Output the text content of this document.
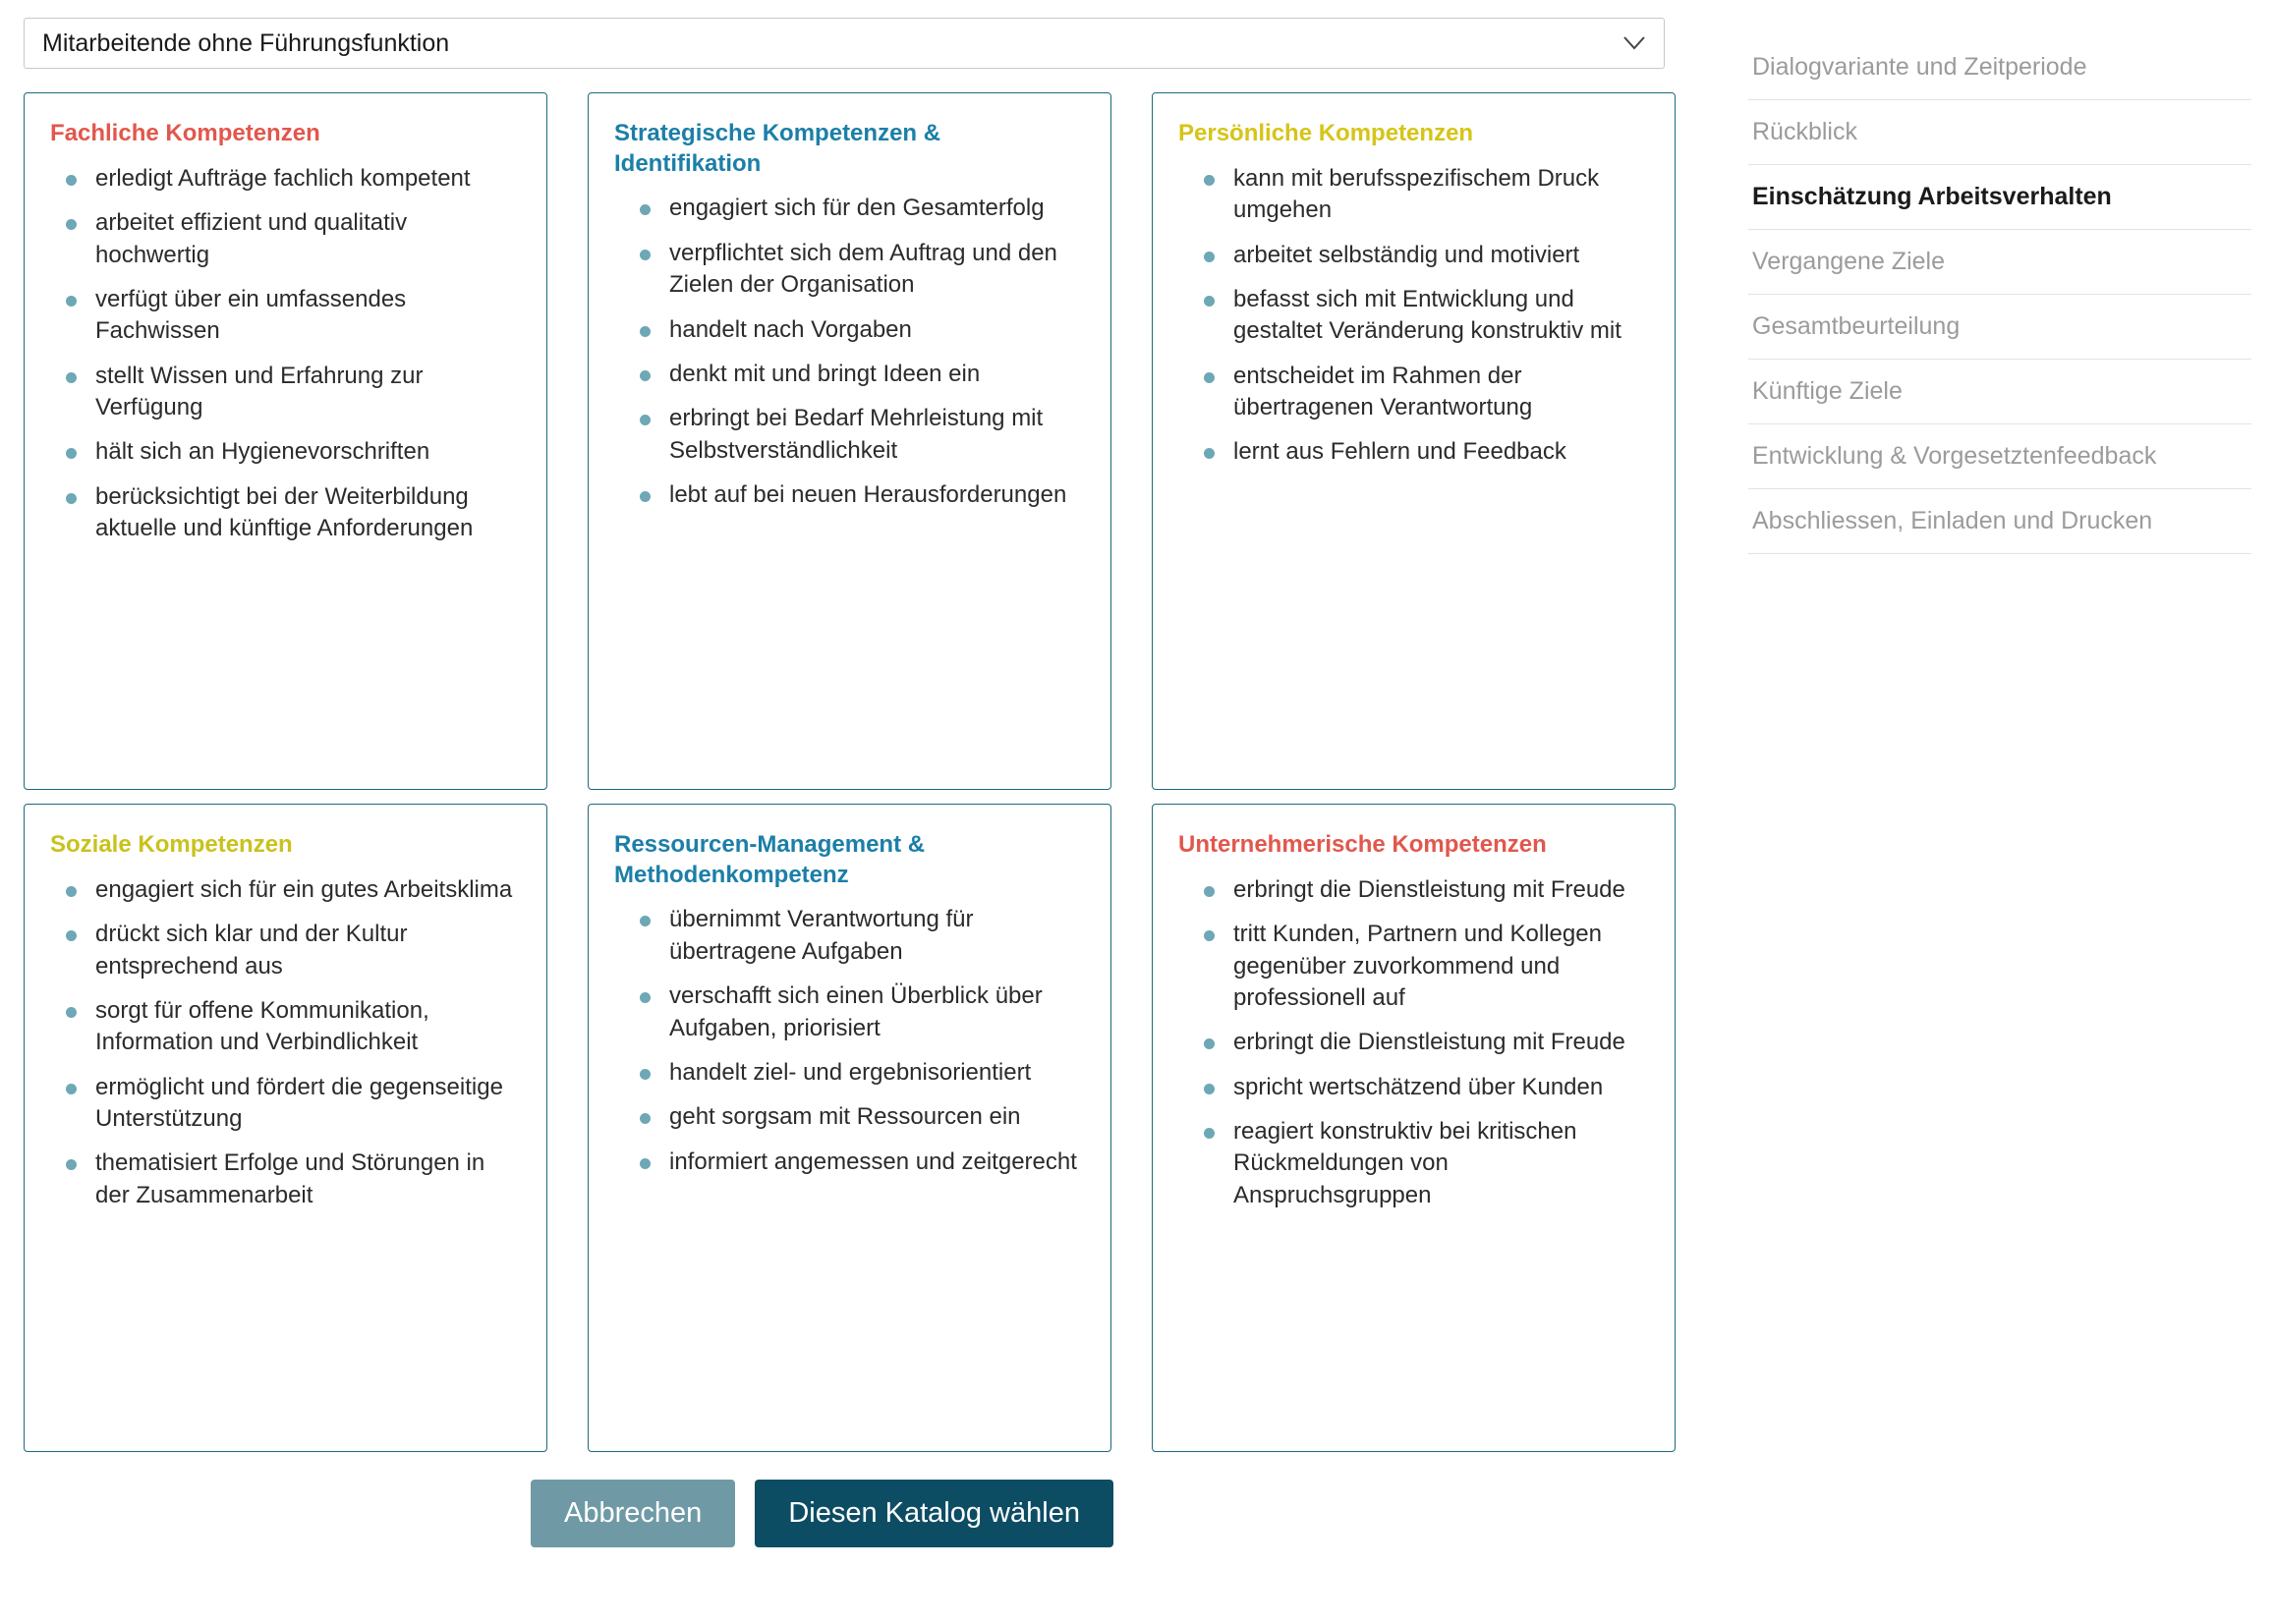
Mitarbeitende ohne Führungsfunktion
Fachliche Kompetenzen
erledigt Aufträge fachlich kompetent
arbeitet effizient und qualitativ hochwertig
verfügt über ein umfassendes Fachwissen
stellt Wissen und Erfahrung zur Verfügung
hält sich an Hygienevorschriften
berücksichtigt bei der Weiterbildung aktuelle und künftige Anforderungen
Strategische Kompetenzen & Identifikation
engagiert sich für den Gesamterfolg
verpflichtet sich dem Auftrag und den Zielen der Organisation
handelt nach Vorgaben
denkt mit und bringt Ideen ein
erbringt bei Bedarf Mehrleistung mit Selbstverständlichkeit
lebt auf bei neuen Herausforderungen
Persönliche Kompetenzen
kann mit berufsspezifischem Druck umgehen
arbeitet selbständig und motiviert
befasst sich mit Entwicklung und gestaltet Veränderung konstruktiv mit
entscheidet im Rahmen der übertragenen Verantwortung
lernt aus Fehlern und Feedback
Soziale Kompetenzen
engagiert sich für ein gutes Arbeitsklima
drückt sich klar und der Kultur entsprechend aus
sorgt für offene Kommunikation, Information und Verbindlichkeit
ermöglicht und fördert die gegenseitige Unterstützung
thematisiert Erfolge und Störungen in der Zusammenarbeit
Ressourcen-Management & Methodenkompetenz
übernimmt Verantwortung für übertragene Aufgaben
verschafft sich einen Überblick über Aufgaben, priorisiert
handelt ziel- und ergebnisorientiert
geht sorgsam mit Ressourcen ein
informiert angemessen und zeitgerecht
Unternehmerische Kompetenzen
erbringt die Dienstleistung mit Freude
tritt Kunden, Partnern und Kollegen gegenüber zuvorkommend und professionell auf
erbringt die Dienstleistung mit Freude
spricht wertschätzend über Kunden
reagiert konstruktiv bei kritischen Rückmeldungen von Anspruchsgruppen
Abbrechen	Diesen Katalog wählen
Dialogvariante und Zeitperiode
Rückblick
Einschätzung Arbeitsverhalten
Vergangene Ziele
Gesamtbeurteilung
Künftige Ziele
Entwicklung & Vorgesetztenfeedback
Abschliessen, Einladen und Drucken
